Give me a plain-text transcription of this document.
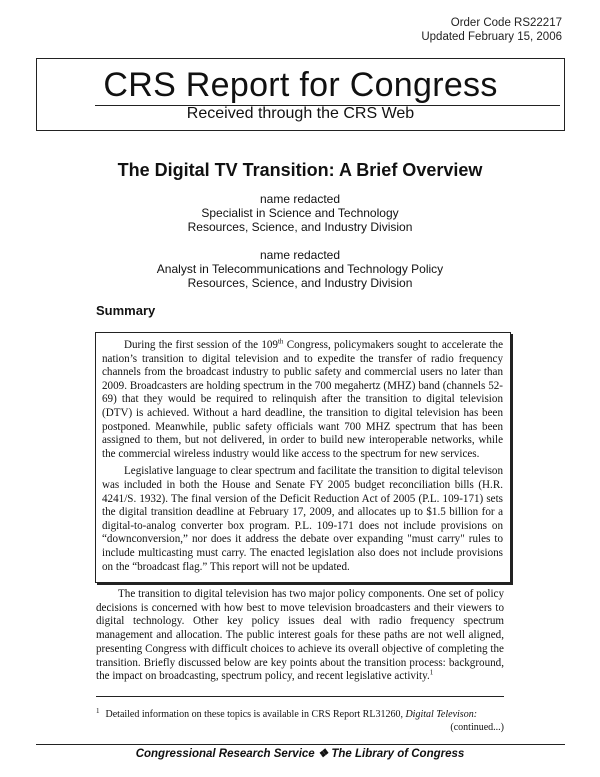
Order Code RS22217
Updated February 15, 2006
CRS Report for Congress
Received through the CRS Web
The Digital TV Transition: A Brief Overview
name redacted
Specialist in Science and Technology
Resources, Science, and Industry Division
name redacted
Analyst in Telecommunications and Technology Policy
Resources, Science, and Industry Division
Summary

During the first session of the 109th Congress, policymakers sought to accelerate the nation’s transition to digital television and to expedite the transfer of radio frequency channels from the broadcast industry to public safety and commercial users no later than 2009. Broadcasters are holding spectrum in the 700 megahertz (MHZ) band (channels 52-69) that they would be required to relinquish after the transition to digital television (DTV) is achieved. Without a hard deadline, the transition to digital television has been postponed. Meanwhile, public safety officials want 700 MHZ spectrum that has been assigned to them, but not delivered, in order to build new interoperable networks, while the commercial wireless industry would like access to the spectrum for new services.

Legislative language to clear spectrum and facilitate the transition to digital televison was included in both the House and Senate FY 2005 budget reconciliation bills (H.R. 4241/S. 1932). The final version of the Deficit Reduction Act of 2005 (P.L. 109-171) sets the digital transition deadline at February 17, 2009, and allocates up to $1.5 billion for a digital-to-analog converter box program. P.L. 109-171 does not include provisions on “downconversion,” nor does it address the debate over expanding "must carry" rules to include multicasting must carry. The enacted legislation also does not include provisions on the “broadcast flag.” This report will not be updated.

The transition to digital television has two major policy components. One set of policy decisions is concerned with how best to move television broadcasters and their viewers to digital technology. Other key policy issues deal with radio frequency spectrum management and allocation. The public interest goals for these paths are not well aligned, presenting Congress with difficult choices to achieve its overall objective of completing the transition. Briefly discussed below are key points about the transition process: background, the impact on broadcasting, spectrum policy, and recent legislative activity.$^1$
$^1$ Detailed information on these topics is available in CRS Report RL31260, Digital Televison:
(continued...)
Congressional Research Service ❖ The Library of Congress
